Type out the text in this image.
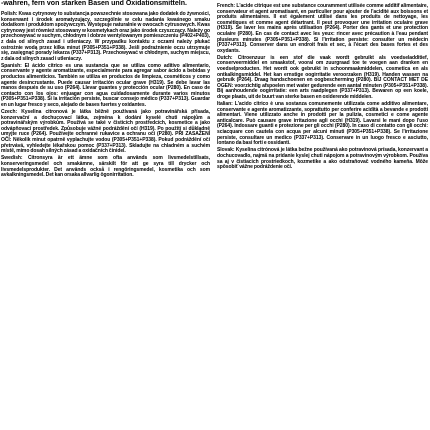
-wahren, fern von starken Basen und Oxidationsmitteln.

Polish: Kwas cytrynowy to substancja powszechnie stosowana jako dodatek do żywności, konserwant i środek aromatyzujący, szczególnie w celu nadania kwaśnego smaku dodatkom i produktom spożywczym. Występuje naturalnie w owocach cytrusowych. Kwas cytrynowy jest również stosowany w kosmetykach oraz jako środek czyszczący. Należy go przechowywać w suchym, chłodnym i dobrze wentylowanym pomieszczeniu (P402+P403), z dala od silnych zasad i utleniaczy. W przypadku kontaktu z oczami należy płukać ostrożnie wodą przez kilka minut (P305+P351+P338). Jeśli podrażnienie oczu utrzymuje się, zasięgnąć porady lekarza (P337+P313). Przechowywać w chłodnym, suchym miejscu, z dala od silnych zasad i utleniaczy.

Spanish: El ácido cítrico es una sustancia que se utiliza como aditivo alimentario, conservante y agente aromatizante, especialmente para agregar sabor ácido a bebidas y productos alimenticios. También se utiliza en productos de limpieza, cosméticos y como agente desincrustante. Puede causar irritación ocular grave (H319). Se debe lavar las manos después de su uso (P264). Llevar guantes y protección ocular (P280). En caso de contacto con los ojos: enjuagar con agua cuidadosamente durante varios minutos (P305+P351+P338). Si la irritación persiste, buscar consejo médico (P337+P313). Guardar en un lugar fresco y seco, alejado de bases fuertes y oxidantes.

Czech: Kyselina citronová je látka běžně používaná jako potravinářská přísada, konzervační a dochucovací látka, zejména k dodání kyselé chuti nápojům a potravinářským výrobkům. Používá se také v čisticích prostředcích, kosmetice a jako odvápňovací prostředek. Způsobuje vážné podráždění očí (H319). Po použití si důkladně umyjte ruce (P264). Používejte ochranné rukavice a ochranu očí (P280). PŘI ZASAŽENÍ OČÍ: Několik minut opatrně vyplachujte vodou (P305+P351+P338). Pokud podráždění očí přetrvává, vyhledejte lékařskou pomoc (P337+P313). Skladujte na chladném a suchém místě, mimo dosah silných zásad a oxidačních činidel.

Swedish: Citronsyra är ett ämne som ofta används som livsmedelstillsats, konserveringsmedel och smakämne, särskilt för att ge syra till drycker och livsmedelsprodukter. Det används också i rengöringsmedel, kosmetika och som avkalkningsmedel. Det kan orsaka allvarlig ögonirritation.

French: L'acide citrique est une substance couramment utilisée comme additif alimentaire, conservateur et agent aromatisant, en particulier pour ajouter de l'acidité aux boissons et produits alimentaires. Il est également utilisé dans les produits de nettoyage, les cosmétiques et comme agent détartrant. Il peut provoquer une irritation oculaire grave (H319). Se laver les mains après utilisation (P264). Porter des gants et une protection oculaire (P280). En cas de contact avec les yeux: rincer avec précaution à l'eau pendant plusieurs minutes (P305+P351+P338). Si l'irritation persiste: consulter un médecin (P337+P313). Conserver dans un endroit frais et sec, à l'écart des bases fortes et des oxydants.

Dutch: Citroenzuur is een stof die vaak wordt gebruikt als voedseladditief, conserveermiddel en smaakstof, vooral om zuurgraad toe te voegen aan dranken en voedselproducten. Het wordt ook gebruikt in schoonmaakmiddelen, cosmetica en als ontkalkingsmiddel. Het kan ernstige oogirritatie veroorzaken (H319). Handen wassen na gebruik (P264). Draag handschoenen en oogbescherming (P280). BIJ CONTACT MET DE OGEN: voorzichtig afspoelen met water gedurende een aantal minuten (P305+P351+P338). Bij aanhoudende oogirritatie: een arts raadplegen (P337+P313). Bewaren op een koele, droge plaats, uit de buurt van sterke basen en oxiderende middelen.

Italian: L'acido citrico è una sostanza comunemente utilizzata come additivo alimentare, conservante e agente aromatizzante, soprattutto per conferire acidità a bevande e prodotti alimentari. Viene utilizzato anche in prodotti per la pulizia, cosmetici e come agente anticalcare. Può causare grave irritazione agli occhi (H319). Lavarsi le mani dopo l'uso (P264). Indossare guanti e protezione per gli occhi (P280). In caso di contatto con gli occhi: sciacquare con cautela con acqua per alcuni minuti (P305+P351+P338). Se l'irritazione persiste, consultare un medico (P337+P313). Conservare in un luogo fresco e asciutto, lontano da basi forti e ossidanti.

Slovak: Kyselina citrónová je látka bežne používaná ako potravinová prísada, konzervant a dochucovadlo, najmä na pridanie kyslej chuti nápojom a potravinovým výrobkom. Používa sa aj v čistiacich prostriedkoch, kozmetike a ako odstraňovač vodného kameňa. Môže spôsobiť vážne podráždenie očí.
